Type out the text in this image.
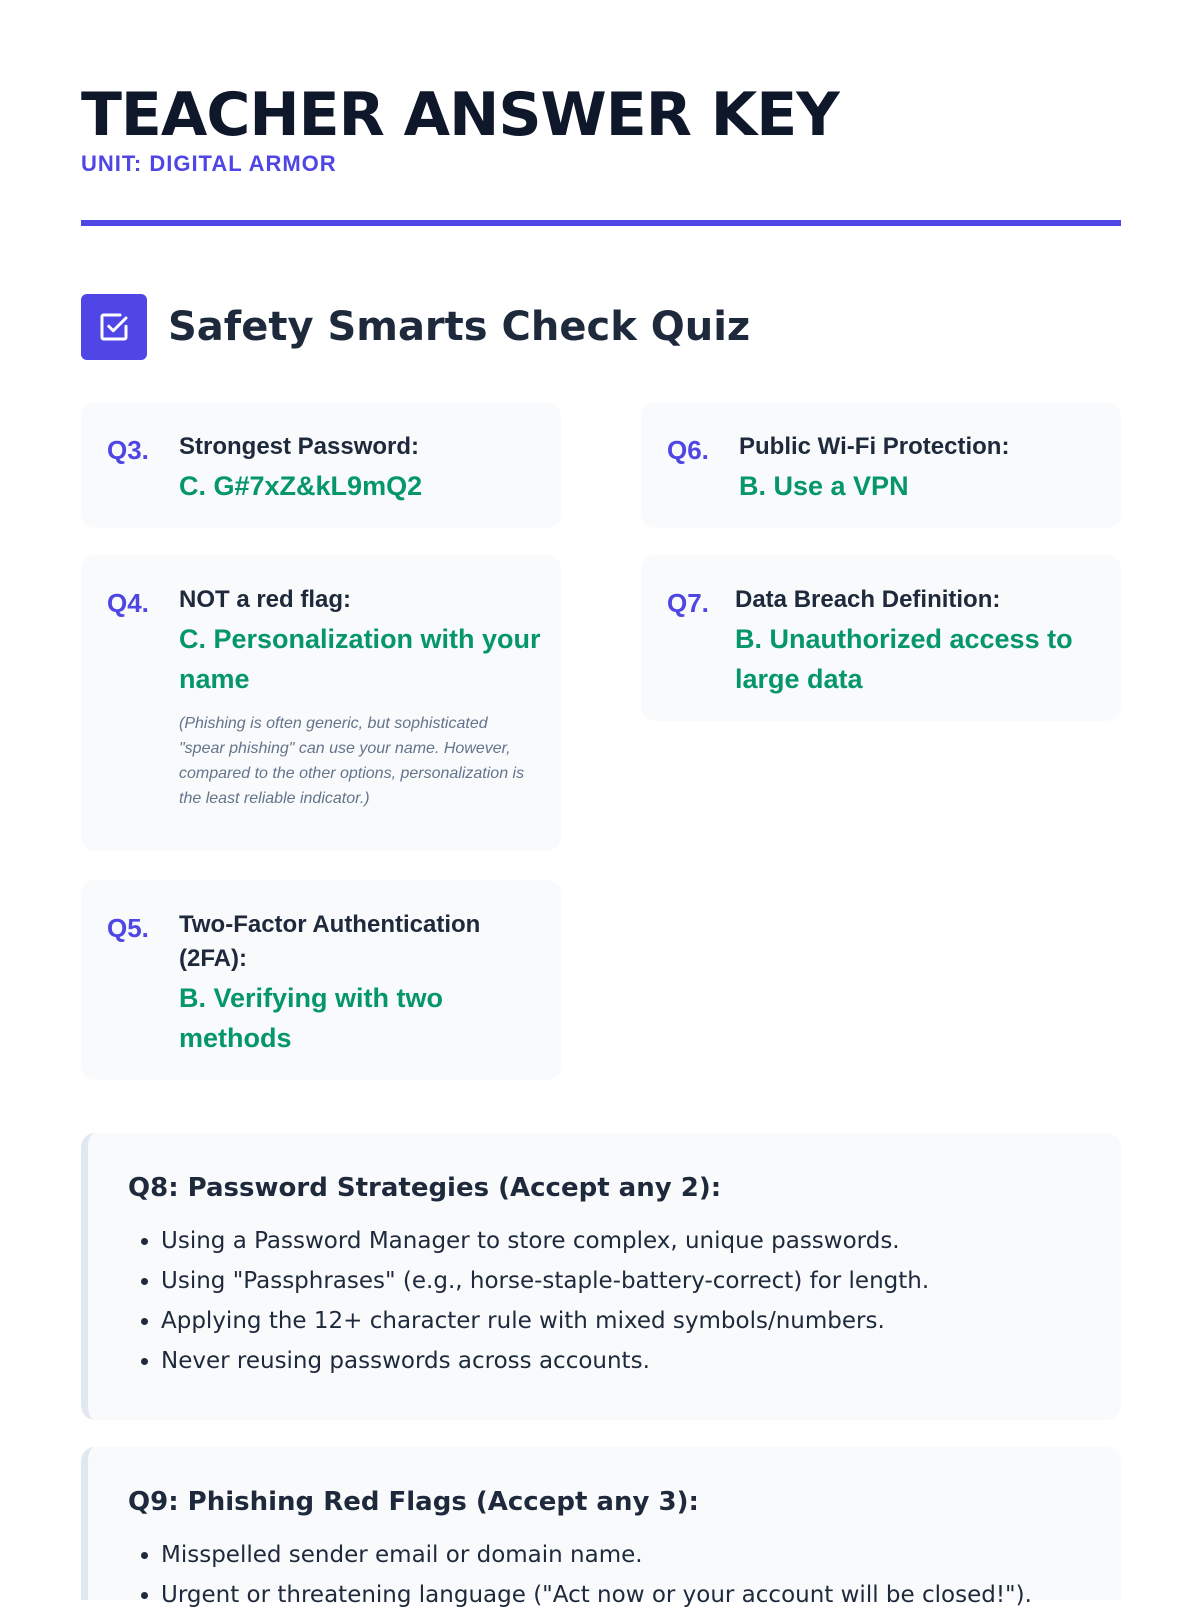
TEACHER ANSWER KEY
UNIT: DIGITAL ARMOR
Safety Smarts Check Quiz
Q3.	Strongest Password:
C. G#7xZ&kL9mQ2
Q4.	NOT a red flag:
C. Personalization with your name
(Phishing is often generic, but sophisticated "spear phishing" can use your name. However, compared to the other options, personalization is the least reliable indicator.)
Q5.	Two-Factor Authentication (2FA):
B. Verifying with two methods
Q6.	Public Wi-Fi Protection:
B. Use a VPN
Q7.	Data Breach Definition:
B. Unauthorized access to large data
Q8: Password Strategies (Accept any 2):
• Using a Password Manager to store complex, unique passwords.
• Using "Passphrases" (e.g., horse-staple-battery-correct) for length.
• Applying the 12+ character rule with mixed symbols/numbers.
• Never reusing passwords across accounts.
Q9: Phishing Red Flags (Accept any 3):
• Misspelled sender email or domain name.
• Urgent or threatening language ("Act now or your account will be closed!").
